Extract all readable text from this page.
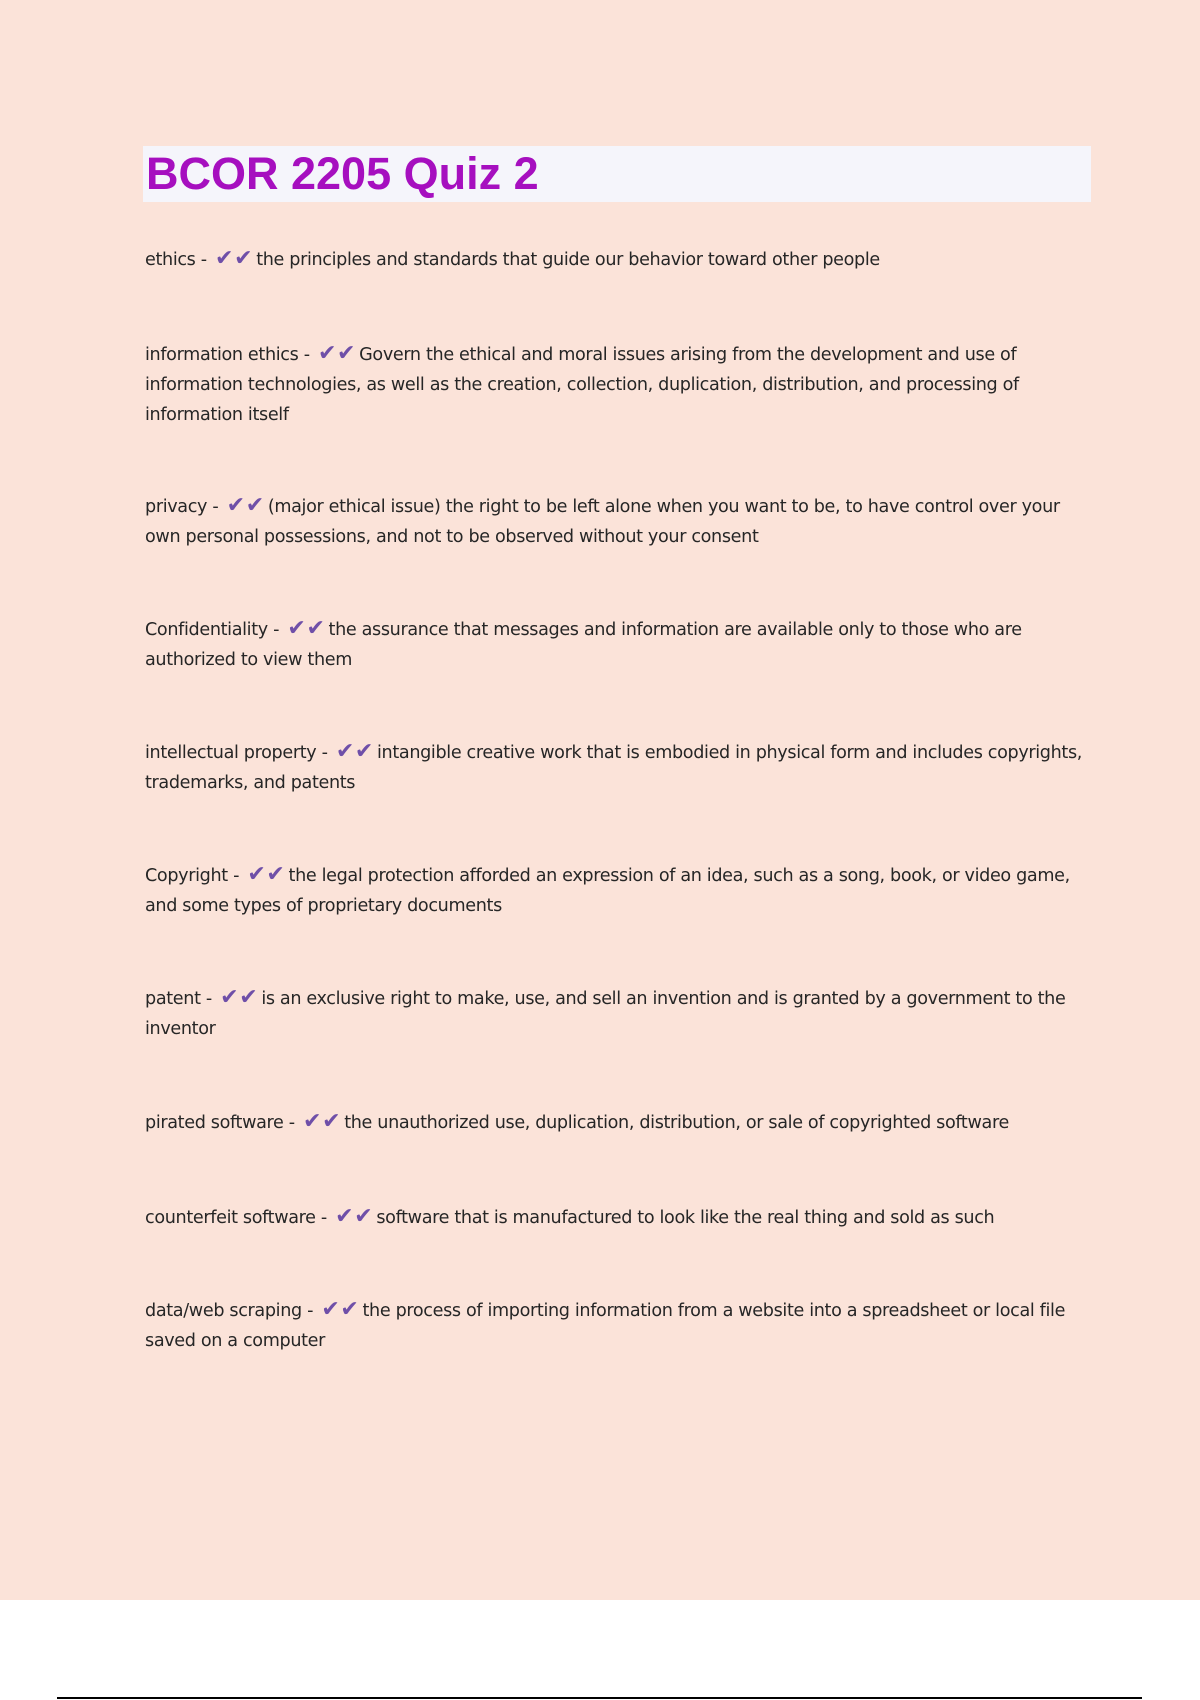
BCOR 2205 Quiz 2
ethics - ✔✔ the principles and standards that guide our behavior toward other people
information ethics - ✔✔ Govern the ethical and moral issues arising from the development and use of information technologies, as well as the creation, collection, duplication, distribution, and processing of information itself
privacy - ✔✔ (major ethical issue) the right to be left alone when you want to be, to have control over your own personal possessions, and not to be observed without your consent
Confidentiality - ✔✔ the assurance that messages and information are available only to those who are authorized to view them
intellectual property - ✔✔ intangible creative work that is embodied in physical form and includes copyrights, trademarks, and patents
Copyright - ✔✔ the legal protection afforded an expression of an idea, such as a song, book, or video game, and some types of proprietary documents
patent - ✔✔ is an exclusive right to make, use, and sell an invention and is granted by a government to the inventor
pirated software - ✔✔ the unauthorized use, duplication, distribution, or sale of copyrighted software
counterfeit software - ✔✔ software that is manufactured to look like the real thing and sold as such
data/web scraping - ✔✔ the process of importing information from a website into a spreadsheet or local file saved on a computer
